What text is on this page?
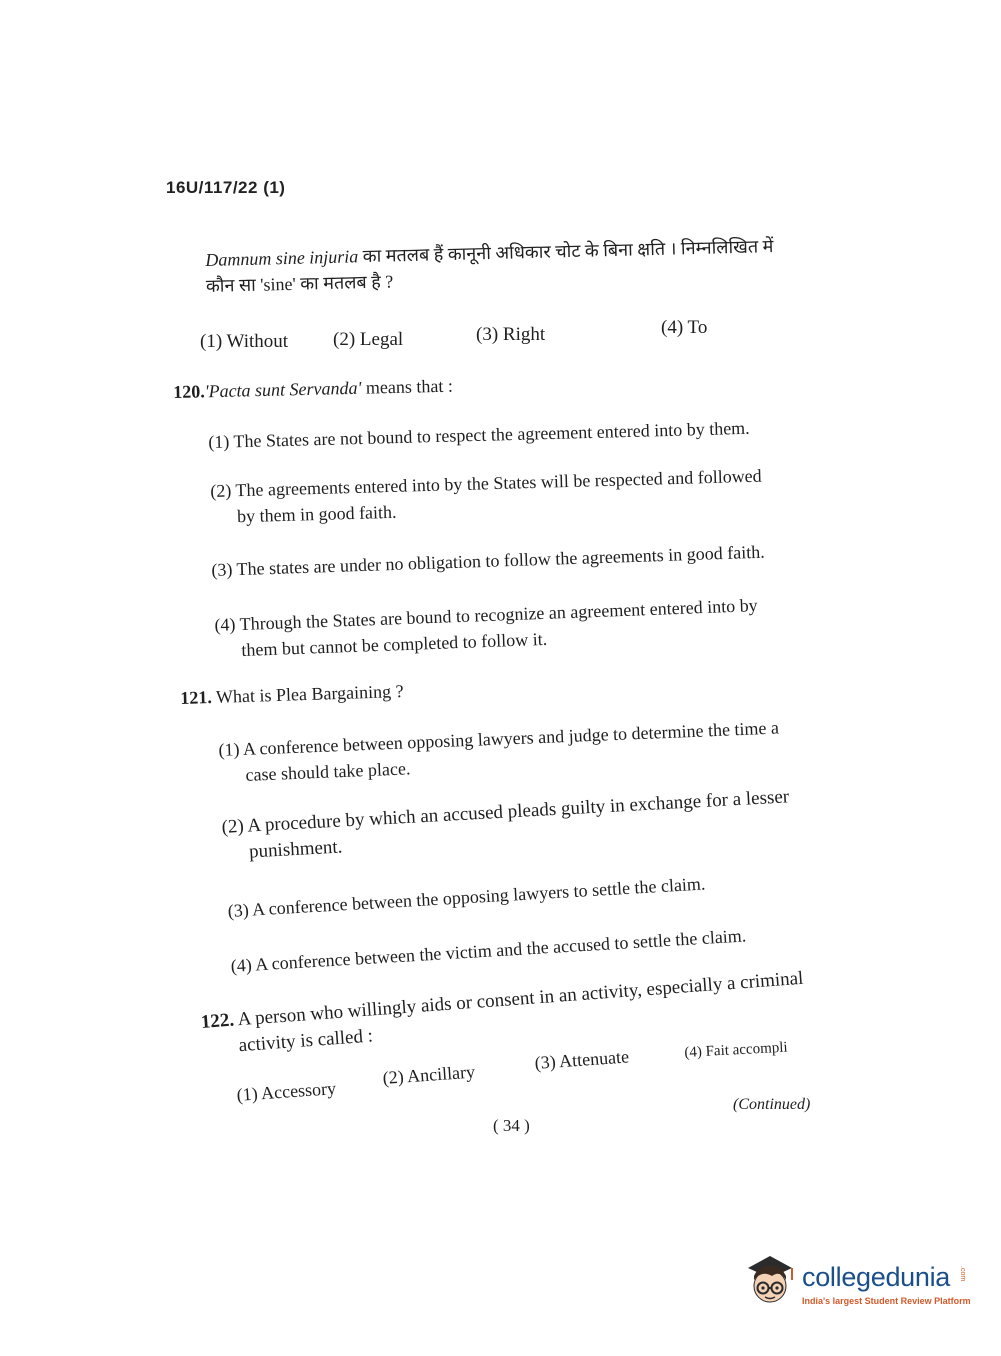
16U/117/22 (1)
Damnum sine injuria का मतलब हैं कानूनी अधिकार चोट के बिना क्षति । निम्नलिखित में
कौन सा 'sine' का मतलब है ?
(1) Without (2) Legal	(3) Right	(4) To
120.'Pacta sunt Servanda' means that :
(1) The States are not bound to respect the agreement entered into by them.
(2) The agreements entered into by the States will be respected and followed
by them in good faith.
(3) The states are under no obligation to follow the agreements in good faith.
(4) Through the States are bound to recognize an agreement entered into by
them but cannot be completed to follow it.
121. What is Plea Bargaining ?
(1) A conference between opposing lawyers and judge to determine the time a
case should take place.
(2) A procedure by which an accused pleads guilty in exchange for a lesser
punishment.
(3) A conference between the opposing lawyers to settle the claim.
(4) A conference between the victim and the accused to settle the claim.
122. A person who willingly aids or consent in an activity, especially a criminal
activity is called :
(1) Accessory
(2) Ancillary
(3) Attenuate	(4) Fait accompli
(Continued)
( 34 )
collegedunia .com
India's largest Student Review Platform
